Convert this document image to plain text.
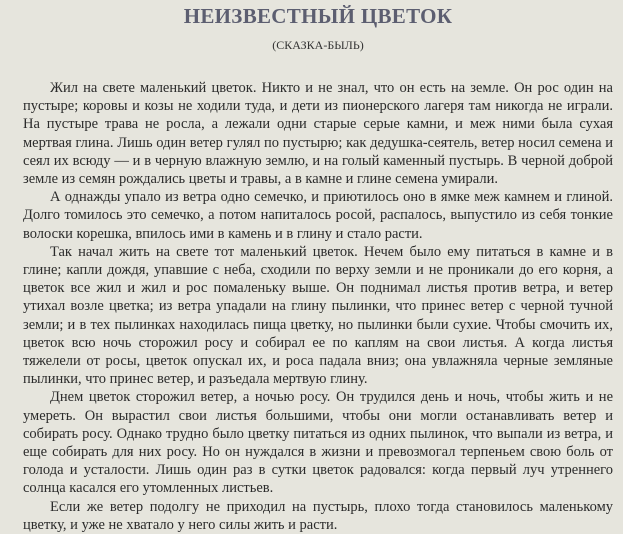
НЕИЗВЕСТНЫЙ ЦВЕТОК
(СКАЗКА-БЫЛЬ)

Жил на свете маленький цветок. Никто и не знал, что он есть на земле. Он рос один на пустыре; коровы и козы не ходили туда, и дети из пионерского лагеря там никогда не играли. На пустыре трава не росла, а лежали одни старые серые камни, и меж ними была сухая мертвая глина. Лишь один ветер гулял по пустырю; как дедушка-сеятель, ветер носил семена и сеял их всюду — и в черную влажную землю, и на голый каменный пустырь. В черной доброй земле из семян рождались цветы и травы, а в камне и глине семена умирали.

А однажды упало из ветра одно семечко, и приютилось оно в ямке меж камнем и глиной. Долго томилось это семечко, а потом напиталось росой, распалось, выпустило из себя тонкие волоски корешка, впилось ими в камень и в глину и стало расти.

Так начал жить на свете тот маленький цветок. Нечем было ему питаться в камне и в глине; капли дождя, упавшие с неба, сходили по верху земли и не проникали до его корня, а цветок все жил и жил и рос помаленьку выше. Он поднимал листья против ветра, и ветер утихал возле цветка; из ветра упадали на глину пылинки, что принес ветер с черной тучной земли; и в тех пылинках находилась пища цветку, но пылинки были сухие. Чтобы смочить их, цветок всю ночь сторожил росу и собирал ее по каплям на свои листья. А когда листья тяжелели от росы, цветок опускал их, и роса падала вниз; она увлажняла черные земляные пылинки, что принес ветер, и разъедала мертвую глину.

Днем цветок сторожил ветер, а ночью росу. Он трудился день и ночь, чтобы жить и не умереть. Он вырастил свои листья большими, чтобы они могли останавливать ветер и собирать росу. Однако трудно было цветку питаться из одних пылинок, что выпали из ветра, и еще собирать для них росу. Но он нуждался в жизни и превозмогал терпеньем свою боль от голода и усталости. Лишь один раз в сутки цветок радовался: когда первый луч утреннего солнца касался его утомленных листьев.

Если же ветер подолгу не приходил на пустырь, плохо тогда становилось маленькому цветку, и уже не хватало у него силы жить и расти.
